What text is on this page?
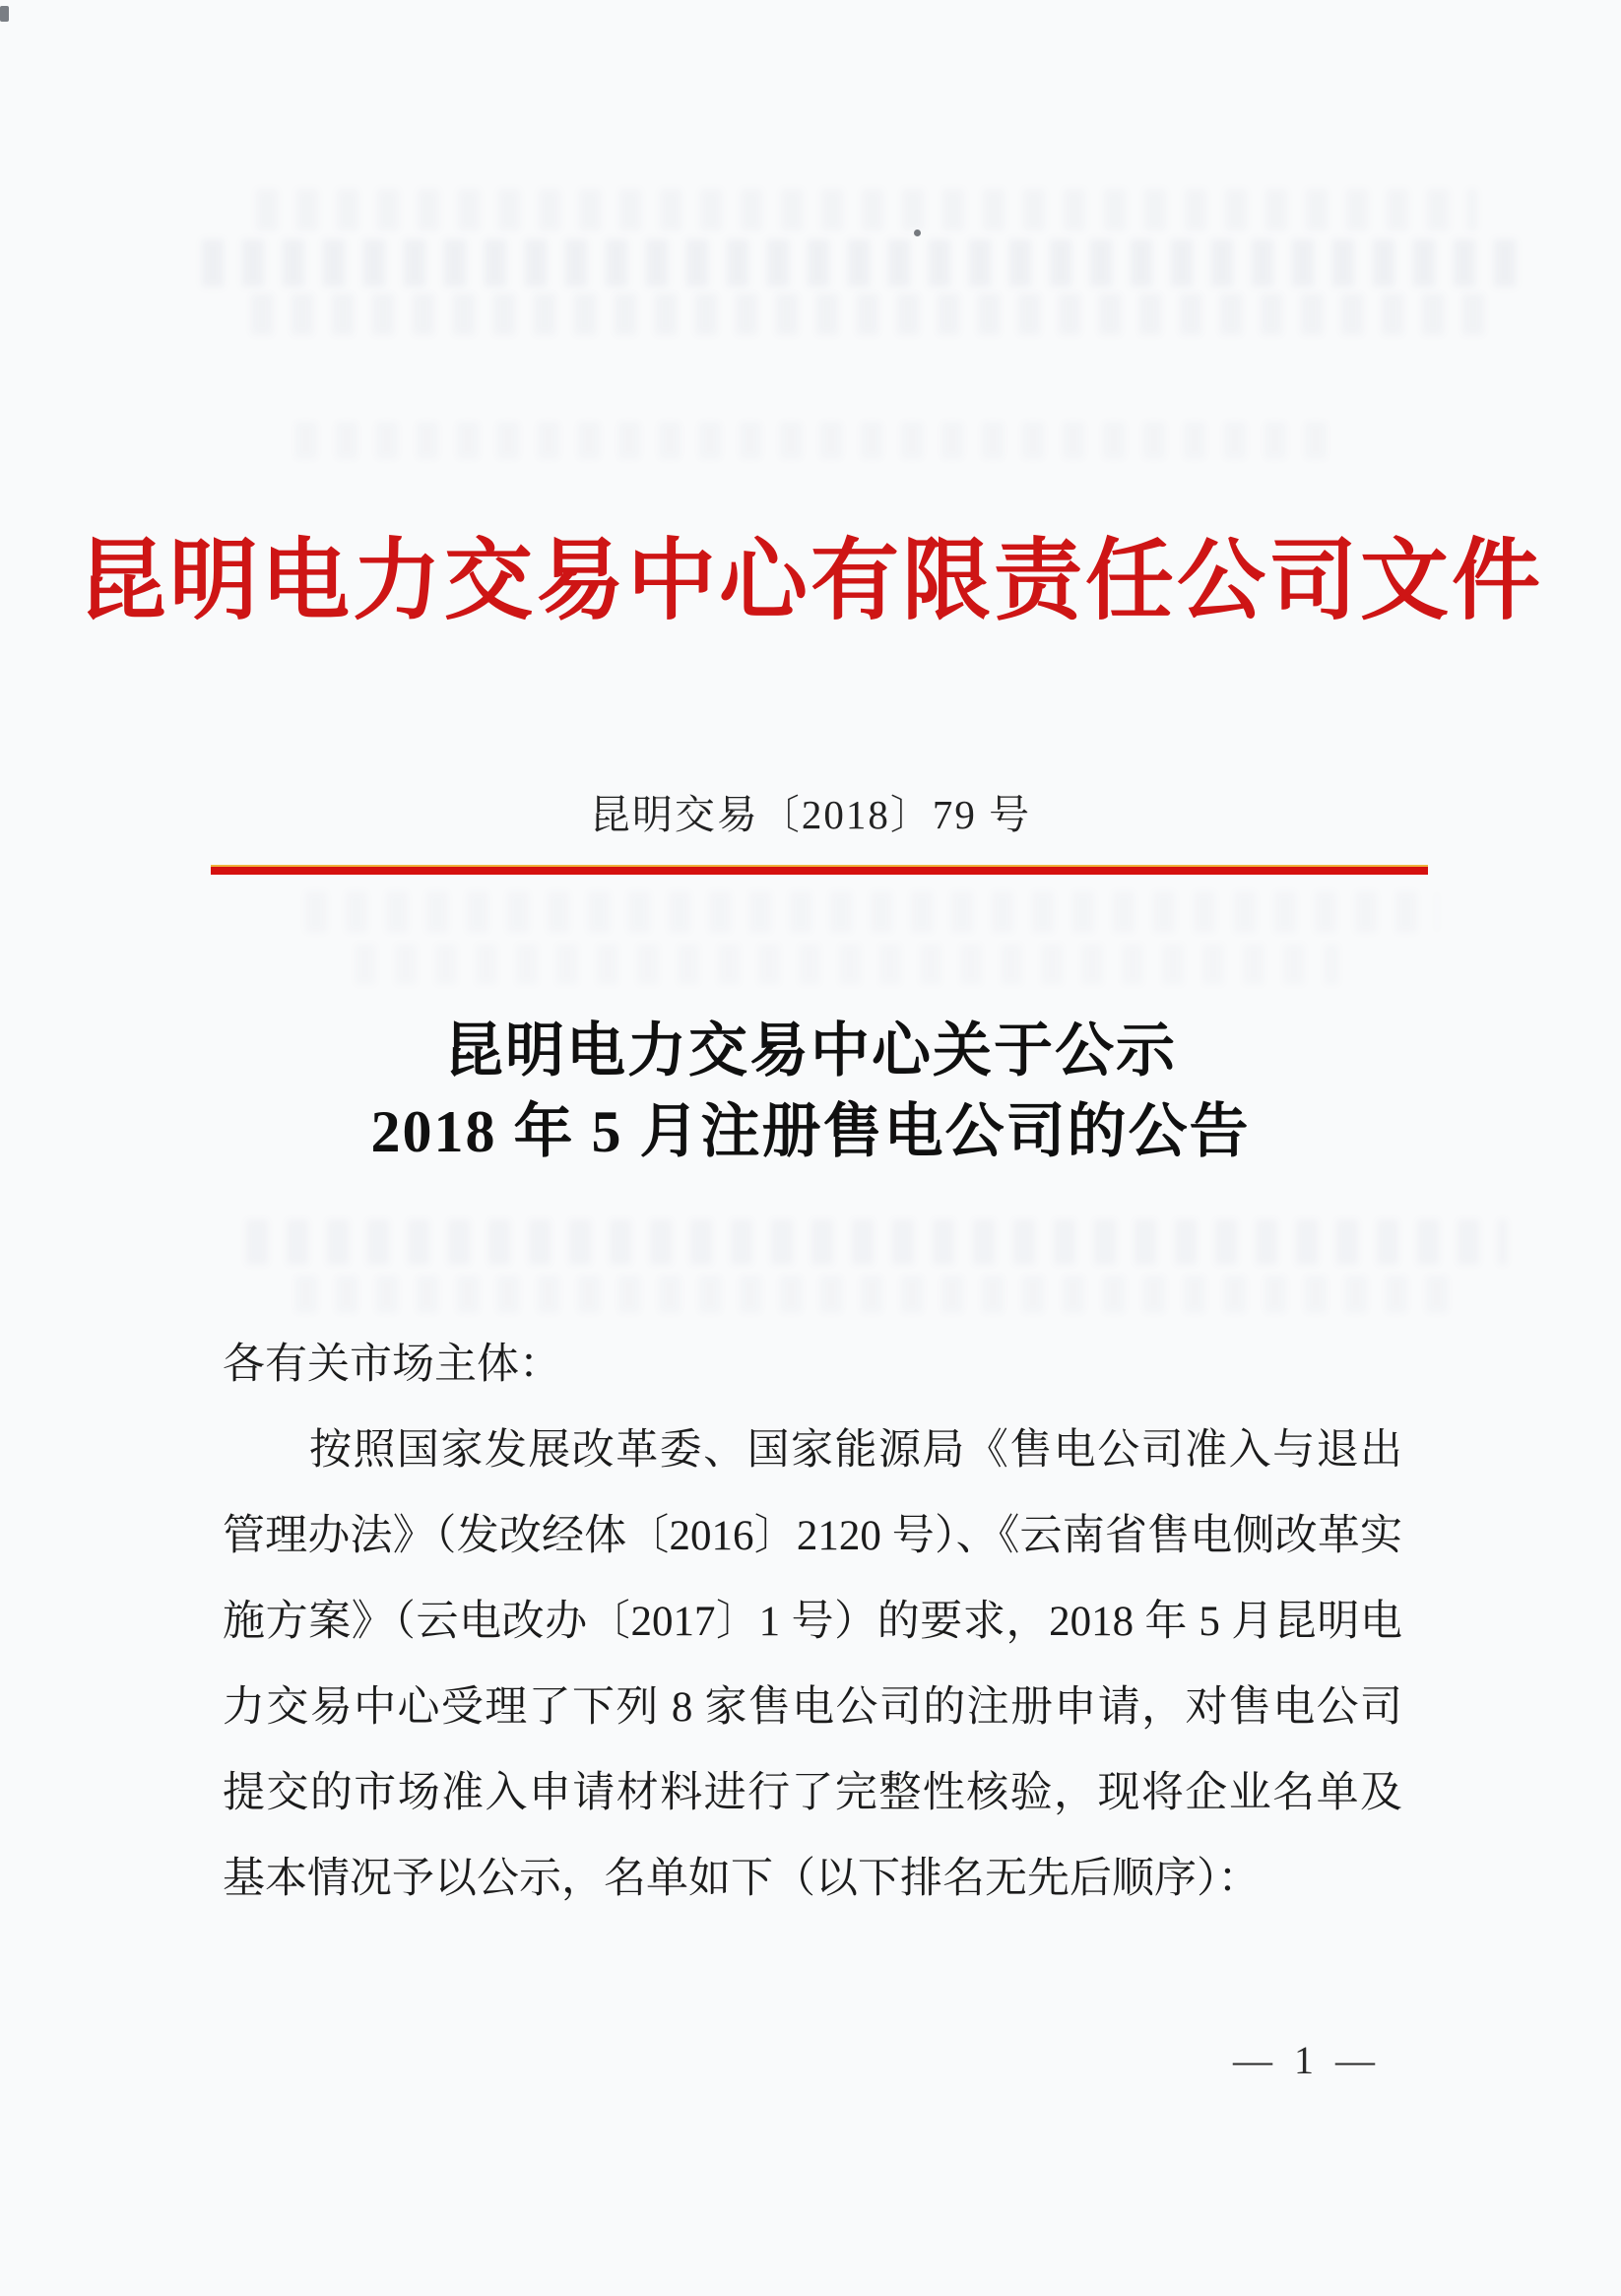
昆明电力交易中心有限责任公司文件
昆明交易〔2018〕79 号
昆明电力交易中心关于公示
2018 年 5 月注册售电公司的公告
各有关市场主体：
按照国家发展改革委、国家能源局《售电公司准入与退出
管理办法》（发改经体〔2016〕2120 号）、《云南省售电侧改革实
施方案》（云电改办〔2017〕1 号）的要求，2018 年 5 月昆明电
力交易中心受理了下列 8 家售电公司的注册申请，对售电公司
提交的市场准入申请材料进行了完整性核验，现将企业名单及
基本情况予以公示，名单如下（以下排名无先后顺序）：
— 1 —
